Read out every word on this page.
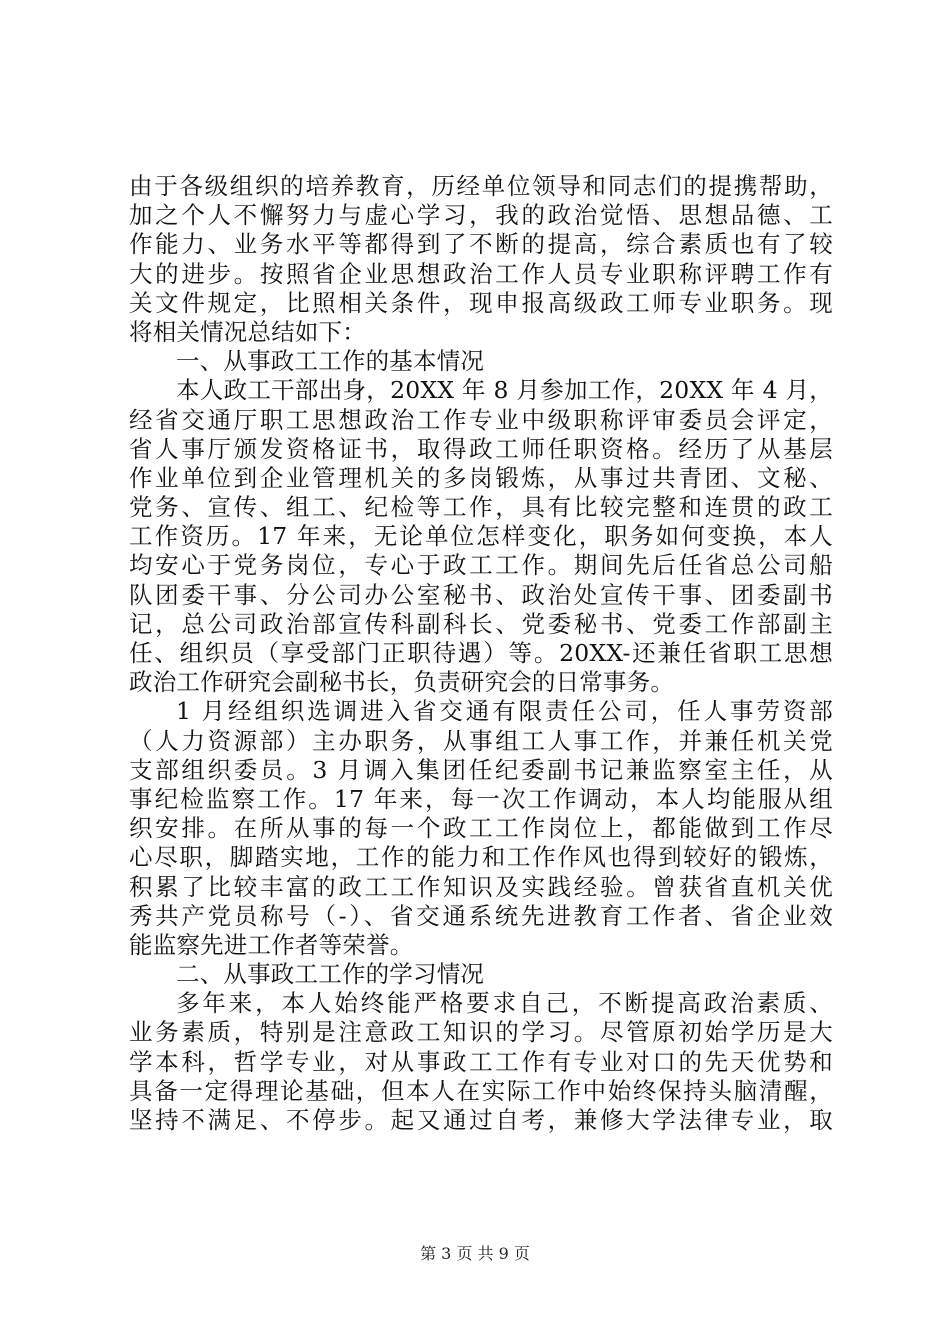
由于各级组织的培养教育，历经单位领导和同志们的提携帮助，
加之个人不懈努力与虚心学习，我的政治觉悟、思想品德、工
作能力、业务水平等都得到了不断的提高，综合素质也有了较
大的进步。按照省企业思想政治工作人员专业职称评聘工作有
关文件规定，比照相关条件，现申报高级政工师专业职务。现
将相关情况总结如下：
一、从事政工工作的基本情况
本人政工干部出身，20XX 年 8 月参加工作，20XX 年 4 月，
经省交通厅职工思想政治工作专业中级职称评审委员会评定，
省人事厅颁发资格证书，取得政工师任职资格。经历了从基层
作业单位到企业管理机关的多岗锻炼，从事过共青团、文秘、
党务、宣传、组工、纪检等工作，具有比较完整和连贯的政工
工作资历。17 年来，无论单位怎样变化，职务如何变换，本人
均安心于党务岗位，专心于政工工作。期间先后任省总公司船
队团委干事、分公司办公室秘书、政治处宣传干事、团委副书
记，总公司政治部宣传科副科长、党委秘书、党委工作部副主
任、组织员（享受部门正职待遇）等。20XX-还兼任省职工思想
政治工作研究会副秘书长，负责研究会的日常事务。
1 月经组织选调进入省交通有限责任公司，任人事劳资部
（人力资源部）主办职务，从事组工人事工作，并兼任机关党
支部组织委员。3 月调入集团任纪委副书记兼监察室主任，从
事纪检监察工作。17 年来，每一次工作调动，本人均能服从组
织安排。在所从事的每一个政工工作岗位上，都能做到工作尽
心尽职，脚踏实地，工作的能力和工作作风也得到较好的锻炼，
积累了比较丰富的政工工作知识及实践经验。曾获省直机关优
秀共产党员称号（-）、省交通系统先进教育工作者、省企业效
能监察先进工作者等荣誉。
二、从事政工工作的学习情况
多年来，本人始终能严格要求自己，不断提高政治素质、
业务素质，特别是注意政工知识的学习。尽管原初始学历是大
学本科，哲学专业，对从事政工工作有专业对口的先天优势和
具备一定得理论基础，但本人在实际工作中始终保持头脑清醒，
坚持不满足、不停步。起又通过自考，兼修大学法律专业，取
第 3 页 共 9 页
